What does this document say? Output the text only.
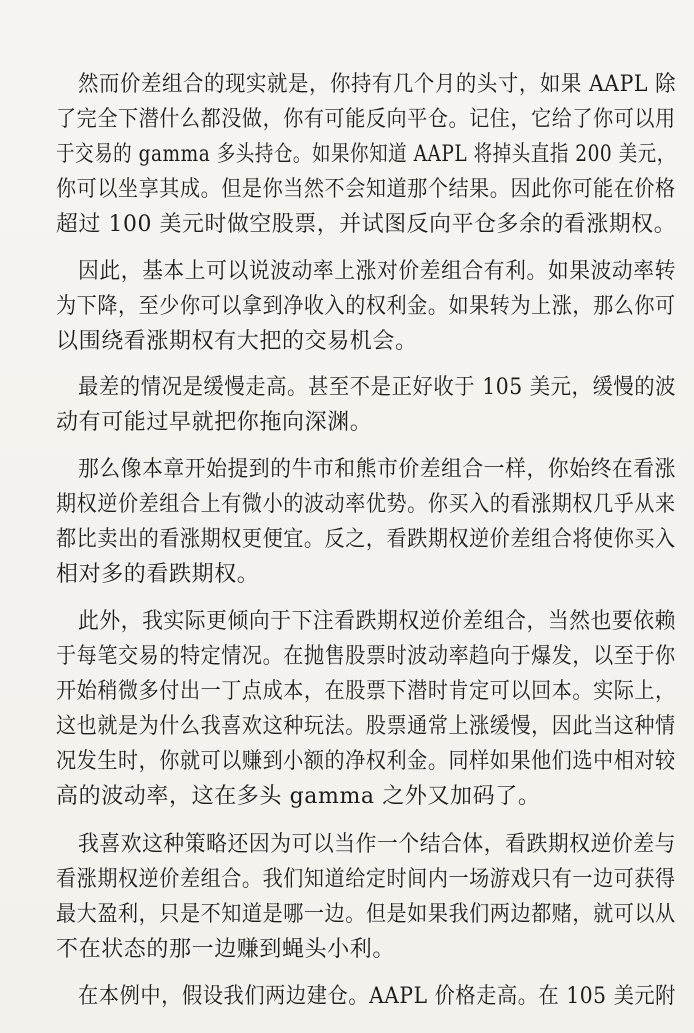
然而价差组合的现实就是，你持有几个月的头寸，如果 AAPL 除
了完全下潜什么都没做，你有可能反向平仓。记住，它给了你可以用
于交易的 gamma 多头持仓。如果你知道 AAPL 将掉头直指 200 美元，
你可以坐享其成。但是你当然不会知道那个结果。因此你可能在价格
超过 100 美元时做空股票，并试图反向平仓多余的看涨期权。
因此，基本上可以说波动率上涨对价差组合有利。如果波动率转
为下降，至少你可以拿到净收入的权利金。如果转为上涨，那么你可
以围绕看涨期权有大把的交易机会。
最差的情况是缓慢走高。甚至不是正好收于 105 美元，缓慢的波
动有可能过早就把你拖向深渊。
那么像本章开始提到的牛市和熊市价差组合一样，你始终在看涨
期权逆价差组合上有微小的波动率优势。你买入的看涨期权几乎从来
都比卖出的看涨期权更便宜。反之，看跌期权逆价差组合将使你买入
相对多的看跌期权。
此外，我实际更倾向于下注看跌期权逆价差组合，当然也要依赖
于每笔交易的特定情况。在抛售股票时波动率趋向于爆发，以至于你
开始稍微多付出一丁点成本，在股票下潜时肯定可以回本。实际上，
这也就是为什么我喜欢这种玩法。股票通常上涨缓慢，因此当这种情
况发生时，你就可以赚到小额的净权利金。同样如果他们选中相对较
高的波动率，这在多头 gamma 之外又加码了。
我喜欢这种策略还因为可以当作一个结合体，看跌期权逆价差与
看涨期权逆价差组合。我们知道给定时间内一场游戏只有一边可获得
最大盈利，只是不知道是哪一边。但是如果我们两边都赌，就可以从
不在状态的那一边赚到蝇头小利。
在本例中，假设我们两边建仓。AAPL 价格走高。在 105 美元附
